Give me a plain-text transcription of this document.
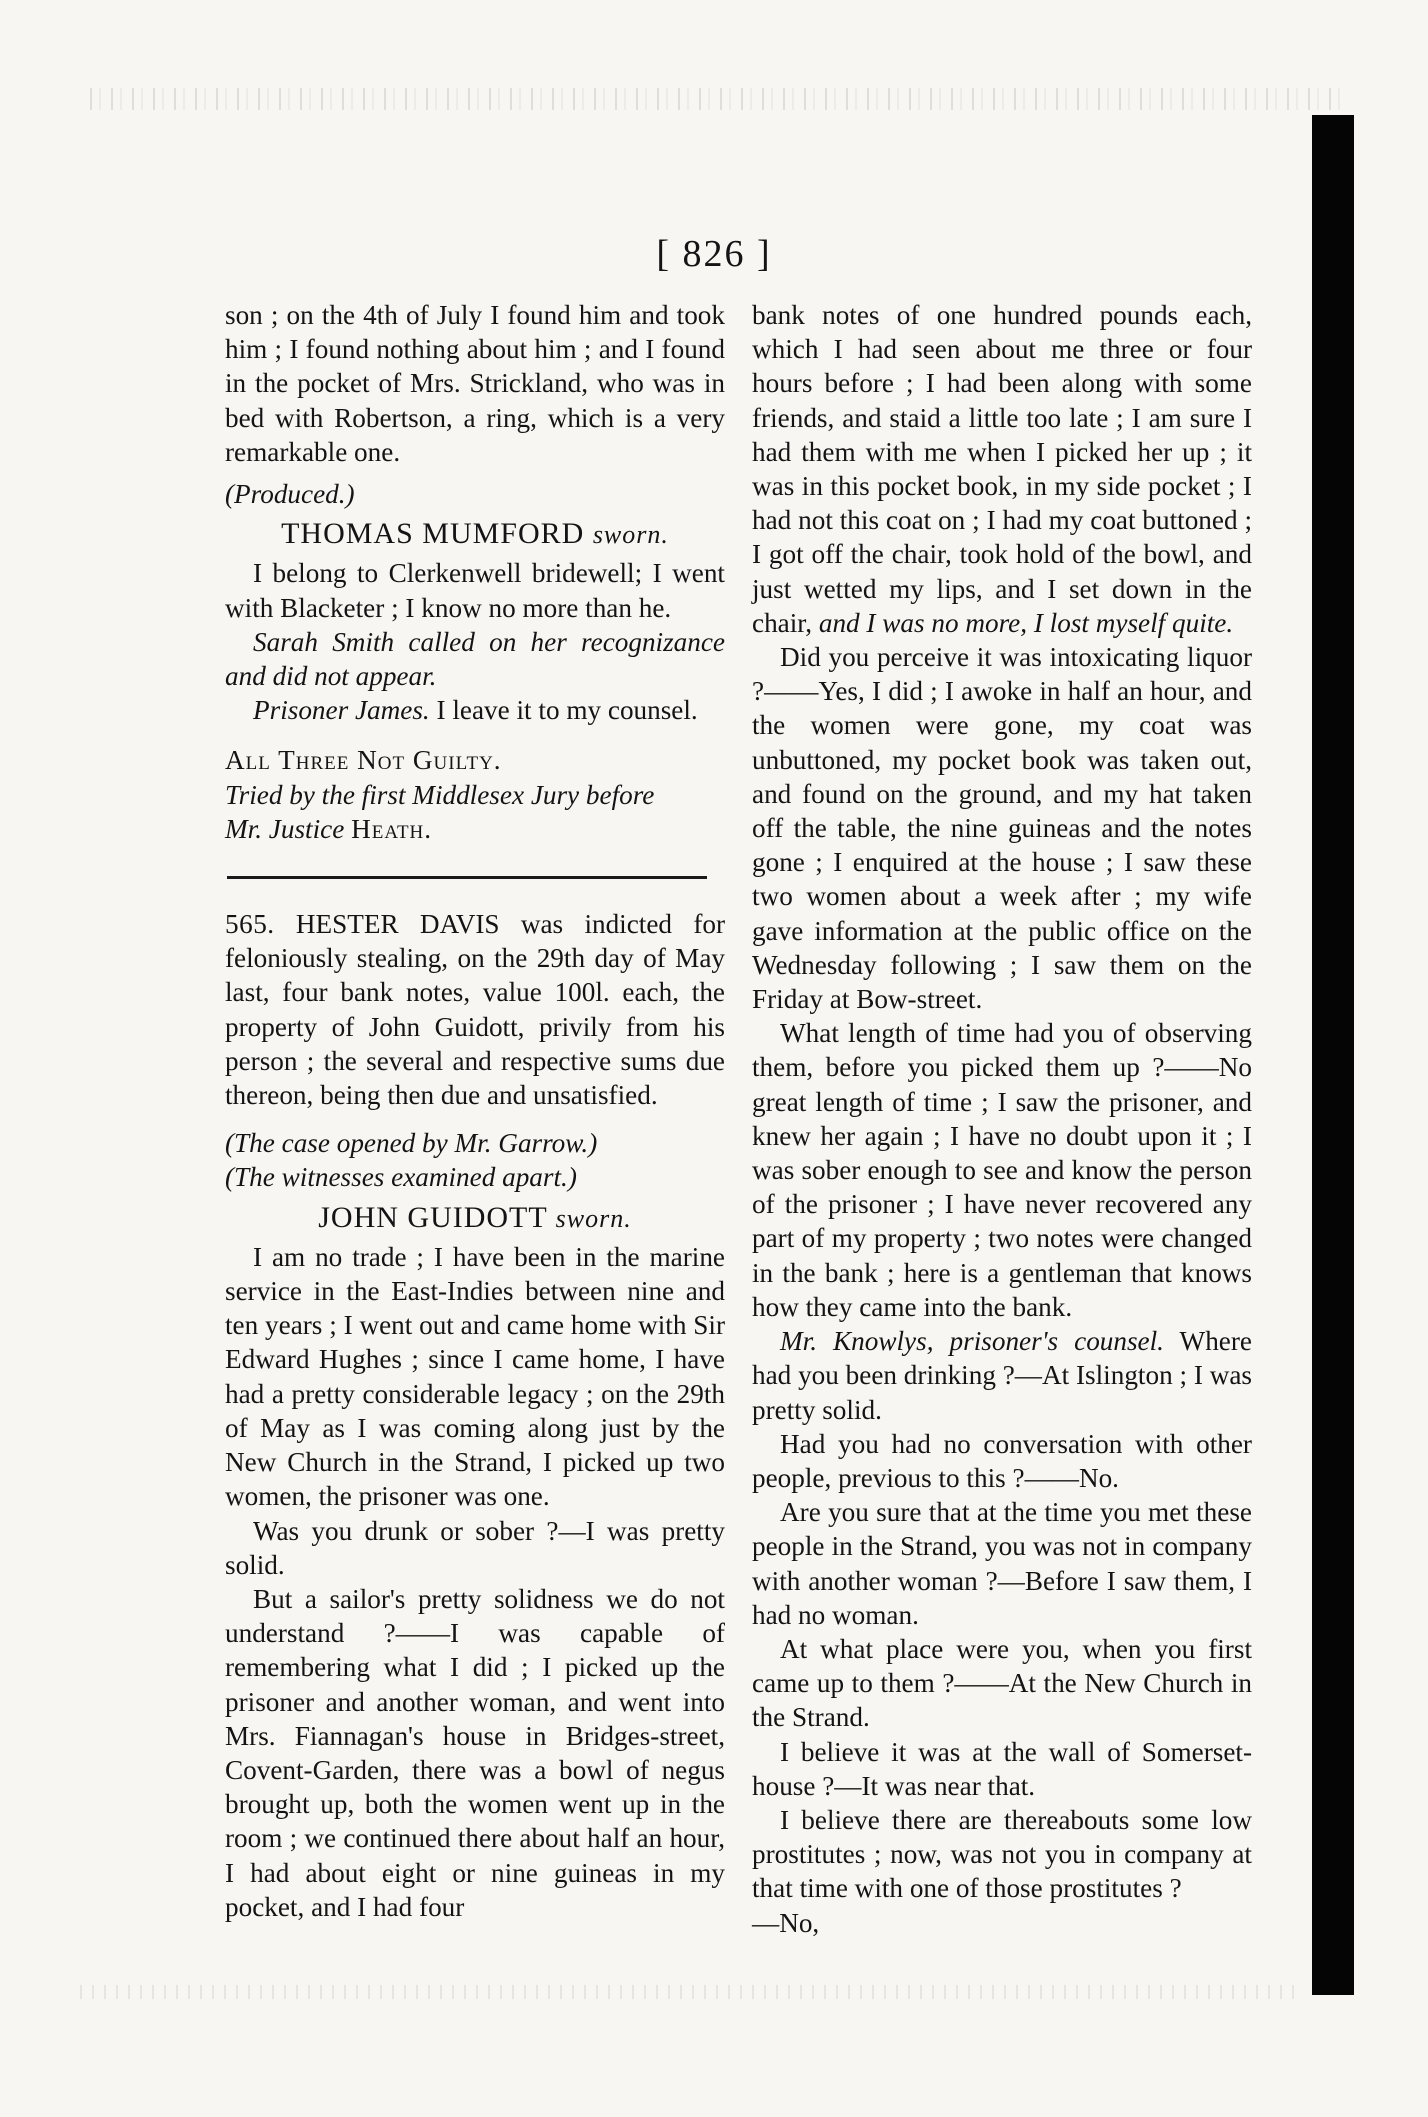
[ 826 ]

son ; on the 4th of July I found him and took him ; I found nothing about him ; and I found in the pocket of Mrs. Strickland, who was in bed with Robertson, a ring, which is a very remarkable one.

(Produced.)

THOMAS MUMFORD sworn.

I belong to Clerkenwell bridewell; I went with Blacketer ; I know no more than he.

Sarah Smith called on her recognizance and did not appear.

Prisoner James. I leave it to my counsel.

All Three Not Guilty.

Tried by the first Middlesex Jury before

Mr. Justice Heath.

565. HESTER DAVIS was indicted for feloniously stealing, on the 29th day of May last, four bank notes, value 100l. each, the property of John Guidott, privily from his person ; the several and respective sums due thereon, being then due and unsatisfied.

(The case opened by Mr. Garrow.)

(The witnesses examined apart.)

JOHN GUIDOTT sworn.

I am no trade ; I have been in the marine service in the East-Indies between nine and ten years ; I went out and came home with Sir Edward Hughes ; since I came home, I have had a pretty considerable legacy ; on the 29th of May as I was coming along just by the New Church in the Strand, I picked up two women, the prisoner was one.

Was you drunk or sober ?—I was pretty solid.

But a sailor's pretty solidness we do not understand ?——I was capable of remembering what I did ; I picked up the prisoner and another woman, and went into Mrs. Fiannagan's house in Bridges-street, Covent-Garden, there was a bowl of negus brought up, both the women went up in the room ; we continued there about half an hour, I had about eight or nine guineas in my pocket, and I had four

bank notes of one hundred pounds each, which I had seen about me three or four hours before ; I had been along with some friends, and staid a little too late ; I am sure I had them with me when I picked her up ; it was in this pocket book, in my side pocket ; I had not this coat on ; I had my coat buttoned ; I got off the chair, took hold of the bowl, and just wetted my lips, and I set down in the chair, and I was no more, I lost myself quite.

Did you perceive it was intoxicating liquor ?——Yes, I did ; I awoke in half an hour, and the women were gone, my coat was unbuttoned, my pocket book was taken out, and found on the ground, and my hat taken off the table, the nine guineas and the notes gone ; I enquired at the house ; I saw these two women about a week after ; my wife gave information at the public office on the Wednesday following ; I saw them on the Friday at Bow-street.

What length of time had you of observing them, before you picked them up ?——No great length of time ; I saw the prisoner, and knew her again ; I have no doubt upon it ; I was sober enough to see and know the person of the prisoner ; I have never recovered any part of my property ; two notes were changed in the bank ; here is a gentleman that knows how they came into the bank.

Mr. Knowlys, prisoner's counsel. Where had you been drinking ?—At Islington ; I was pretty solid.

Had you had no conversation with other people, previous to this ?——No.

Are you sure that at the time you met these people in the Strand, you was not in company with another woman ?—Before I saw them, I had no woman.

At what place were you, when you first came up to them ?——At the New Church in the Strand.

I believe it was at the wall of Somerset-house ?—It was near that.

I believe there are thereabouts some low prostitutes ; now, was not you in company at that time with one of those prostitutes ?

—No,
